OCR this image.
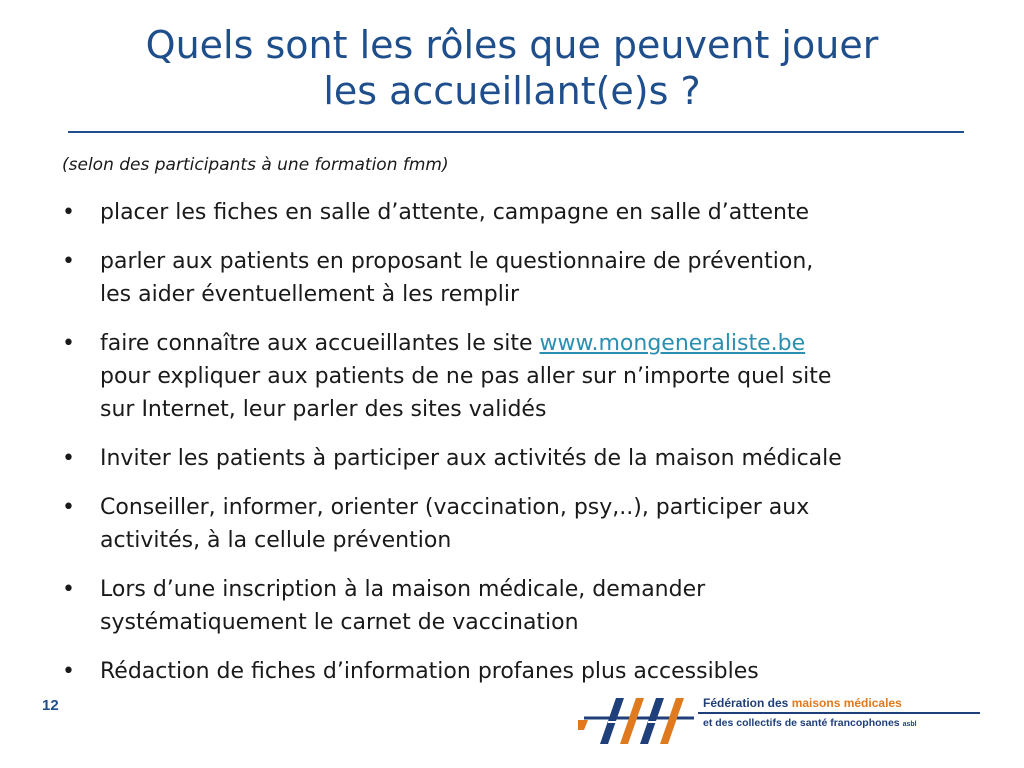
Quels sont les rôles que peuvent jouer
les accueillant(e)s ?

(selon des participants à une formation fmm)

•	placer les fiches en salle d’attente, campagne en salle d’attente
•	parler aux patients en proposant le questionnaire de prévention,
les aider éventuellement à les remplir
•	faire connaître aux accueillantes le site www.mongeneraliste.be
pour expliquer aux patients de ne pas aller sur n’importe quel site
sur Internet, leur parler des sites validés
•	Inviter les patients à participer aux activités de la maison médicale
•	Conseiller, informer, orienter (vaccination, psy,..), participer aux
activités, à la cellule prévention
•	Lors d’une inscription à la maison médicale, demander
systématiquement le carnet de vaccination
•	Rédaction de fiches d’information profanes plus accessibles
12	Fédération des maisons médicales
et des collectifs de santé francophones asbl
